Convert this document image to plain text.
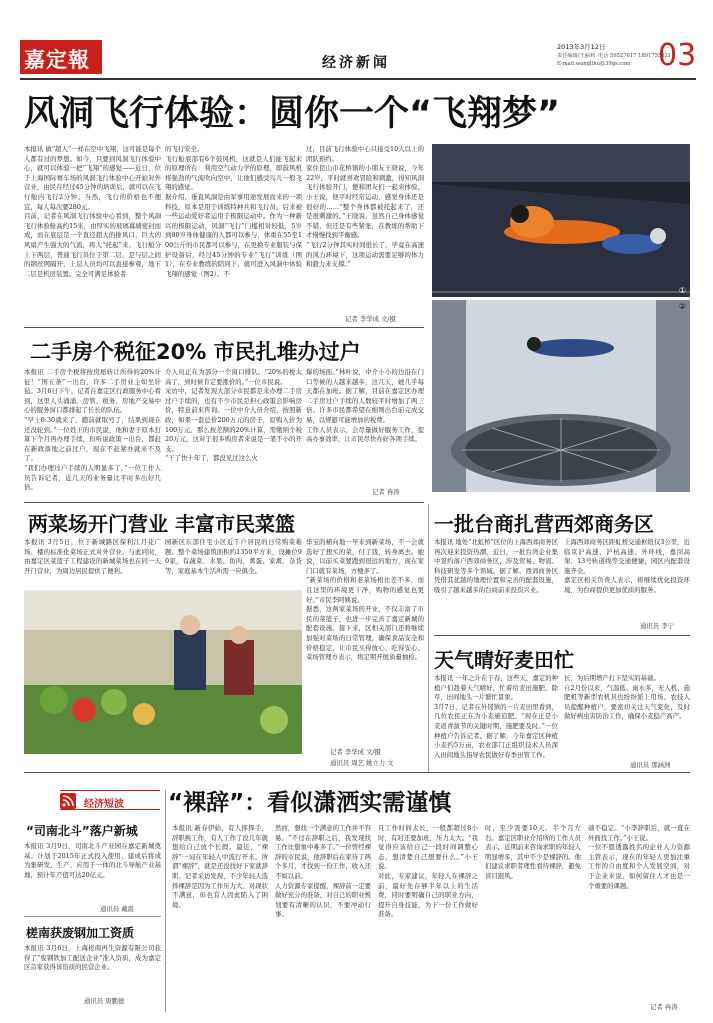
嘉定報	经济新闻
2013年3月12日
责任编辑/王丽莉 电话 59527617 18917558211
E-mail:wangllhu@39gs.com 03
风洞飞行体验：圆你一个“飞翔梦”
本报讯 做“超人”一样在空中飞翔，这可能是每个人都有过的梦想。如今，只要到风洞飞行体验中心，就可以体验一把“飞翔”的感觉——近日，位于上海国际赛车场的风洞飞行体验中心开始对外营业，由民在经过45分钟的培训后，就可以在飞行舱内飞行2分钟。当然，飞行的价格也不便宜，每人每次要280元。
目前，记者在风洞飞行体验中心看到，整个风洞飞行体验舱高约15米，由厚实的玻璃幕墙密封而成，而在底层是一个直径超大的排风口，巨大的风扇产生强大的气流，将人“托起”来。飞行舱分上下两层，普通飞行员位于第二层，是与层之间的钢丝网隔开，上层人员均可以直接参观，地下二层是机房装置。完全可满足体验者
的飞行安全。
飞行舱底部有6个鼓风机，这就是人们能飞起来的原理所在：利用空气动力学的原理，即鼓风机将强劲的气流吹向空中，让他们感受鸟儿一般飞翔的感觉。
据介绍，垂直风洞是由军事用途发展而来的一项科技，原本是用于训练特种兵和飞行员，后来被一些运动爱好者运用于极限运动中。作为一种新兴的极限运动，风洞“飞行”门槛相对较低，5岁到80岁身体健康的人都可以参与，体重在55至100公斤的市民都可以参与，在更换专业服装与保护设备后，经过45分钟的专业“飞行”训练（图1），在专业教练的陪同下，就可进入风洞中体验飞翔的感觉（图2）。不
过，目前飞行体验中心只接受10人以上的团队预约。
家住昆山市花桥镇的小朋友王晓说，今年22岁，平时就喜欢冒险和刺激，得知风洞飞行体验开门，便和团友们一起来体验。小王说，他平时经常运动，感觉身体还是很好的……“整个身体都被托起来了，还是很刺激的。”王晓说，虽然自己身体感觉不错，但还是有些紧张，在教练的帮助下才慢慢找到平衡感。
“飞行2分钟其实时间很长了，毕竟在高速的风力环境下，这项运动需要足够的体力和毅力来支撑。”
记者 李华成 文/摄
①
②
二手房个税征20% 市民扎堆办过户
本报讯 二手房个税将按房屋转让所得的20%计征！“国五条”一出台，许多二手房业主如坐针毡。3月6日下午，记者在嘉定区行政服务中心看到，这里人头涌涌，房管、税务、房地产交易中心的服务窗口都排起了长长的队伍。
“早上8:30就来了，跑前就取号了，结果到现在还没轮到。”一位姓王的市民说，他和妻子原本打算下个月再办理手续，但听说政策一出台，都赶在新政落地之前过户，现在不赶紧办就来不及了。
“我们办理过户手续的人明显多了，”一位工作人员告诉记者，近几天的业务量比平时多出好几倍。
介人员正在为部分一个窗口排队。“20%的税太高了，到时候肯定要涨价的。”一位市民说。
采访中，记者发现大部分市民都是来办理二手房过户手续的，也有不少市民是担心政策会影响房价，特意前来咨询。一位中介人员介绍，按照新政，如果一套总价200万元的房子，原购入价为100万元，那么按差额的20%计算，需缴纳个税20万元，这对于很多购房者来说是一笔不小的开支。
“干了快十年了，都没见过这么火
爆的场面。”林叶说，中介小小的边沿在门口等候的人越来越多，这几天，她几乎每天都在加班。据了解，目前在嘉定区办理二手房过户手续的人数较平时增加了两三倍。许多市民都希望在细则出台前完成交易，以规避可能增加的税费。
工作人员表示，会尽量做好服务工作，提高办事效率，让市民尽快办好各项手续。
记者 冉涛
两菜场开门营业 丰富市民菜篮
本报讯 3月5日，位于新城路区保利江月花广场、楼的标准化菜场正式对外营业。与此同时，由嘉定区菜篮子工程建设的新城菜场也在同一天开门营业，为周边居民提供了便利。
园新区东部住宅小区近千户居民的日常购菜难题。整个菜场建筑面积约1350平方米，设摊位90家，有蔬菜、水果、鱼肉、禽蛋、家禽、杂货等，家庭基本生活所需一应俱全。
华宝的横向地一早来到新菜场，不一会就选好了想买的菜，付了钱，转身离去。她说，以前买菜要跑到很远的地方，现在家门口就有菜场，方便多了。
“新菜场的价格和老菜场相比差不多，而且这里的环境更干净，购物的感觉也更好。”市民李阿姨说。
据悉，这两家菜场的开业，不仅丰富了市民的菜篮子，也进一步完善了嘉定新城的配套设施。接下来，区相关部门还将继续加强对菜场的日常管理，确保食品安全和价格稳定，让市民买得放心、吃得安心。菜场管理方表示，将定期开展质量抽检。
记者 李华成 文/摄
通讯员 周艺 姚立力 文
一批台商扎营西郊商务区
本报讯 地处“北虹桥”区位的上海西郊商务区再次迎来投资热潮，近日，一批台湾企业集中签约落户西郊商务区，涉及贸易、物流、科技研发等多个领域。据了解，西郊商务区凭借其优越的地理位置和完善的配套设施，吸引了越来越多的台商前来投资兴业。
上海西郊商务区距虹桥交通枢纽仅3公里，近临京沪高速、沪杭高速、外环线，嘉闵高架、13号轨道线等交通便捷，园区内配套设施齐全。
嘉定区相关负责人表示，将继续优化投资环境，为台商提供更加优质的服务。
通讯员 李宁
天气晴好麦田忙
本报讯 一年之计在于春，这些天，嘉定的种植户们趁着天气晴好，忙着给麦田施肥、除草，田间地头一片繁忙景象。
3月7日，记者在外冈镇的一片麦田里看到，几位农民正在为小麦施追肥。“现在正是小麦返青拔节的关键时期，施肥要及时。”一位种植户告诉记者。据了解，今年嘉定区种植小麦约5万亩，农业部门正组织技术人员深入田间地头指导农民做好春季田管工作。
长，为后期增产打下坚实的基础。
自2月份以来，气温低、雨水多，无人机、施肥机等新型农机具也纷纷派上用场。农技人员提醒种植户，要密切关注天气变化，及时做好病虫害防治工作，确保小麦稳产高产。
通讯员 那涵洲
经济短波
“司南北斗”落户新城
本报讯 3月9日，司南北斗产业园在嘉定新城奠基。计划于2015年正式投入使用，建成后将成为集研发、生产、应用于一体的北斗导航产业基地，预计年产值可达20亿元。
通讯员 戴震
槎南获废钢加工资质
本报讯 3月6日，上海槎南再生资源有限公司获得了“废钢铁加工配送企业”准入资质，成为嘉定区首家获得该资质的民营企业。
通讯员 唐鹏德
“裸辞”：看似潇洒实需谨慎
本报讯 新春伊始，有人挥挥手，辞职换工作，有人工作了没几年就想给自己放个长假。最近，“裸辞”一词在年轻人中流行开来。所谓“裸辞”，就是还没找好下家就辞职。记者采访发现，不少年轻人选择裸辞是因为工作压力大、对现状不满意，但也有人因此陷入了困境。
然而，想找一个满意的工作并不容易。“不过在辞职之后，我发现找工作比想象中难多了。”一位曾经裸辞的市民说，他辞职后在家待了两个多月，才找到一份工作，收入还不如以前。
人力资源专家提醒，裸辞前一定要做好充分的准备，对自己的职业规划要有清晰的认识，不要冲动行事。
且工作时间太长，一般都超过8小时，有时还要加班，压力太大。“我觉得应该给自己一段时间调整心态，想清楚自己想要什么。”小王说。
对此，专家建议，年轻人在裸辞之前，最好先存够半年以上的生活费，同时要明确自己的职业方向，提升自身技能，为下一份工作做好准备。
时，至少需要10天、半个月左右。嘉定区职业介绍所的工作人员表示，近期前来咨询求职的年轻人明显增多，其中不少是裸辞的。他们建议求职者理性看待裸辞，避免盲目跟风。
础不稳定。“小李辞职后，就一直在外面找工作。”小王说。
一位不愿透露姓名的企业人力资源主管表示，现在的年轻人更加注重工作的自由度和个人发展空间，对于企业来说，如何留住人才也是一个重要的课题。
记者 冉涛
